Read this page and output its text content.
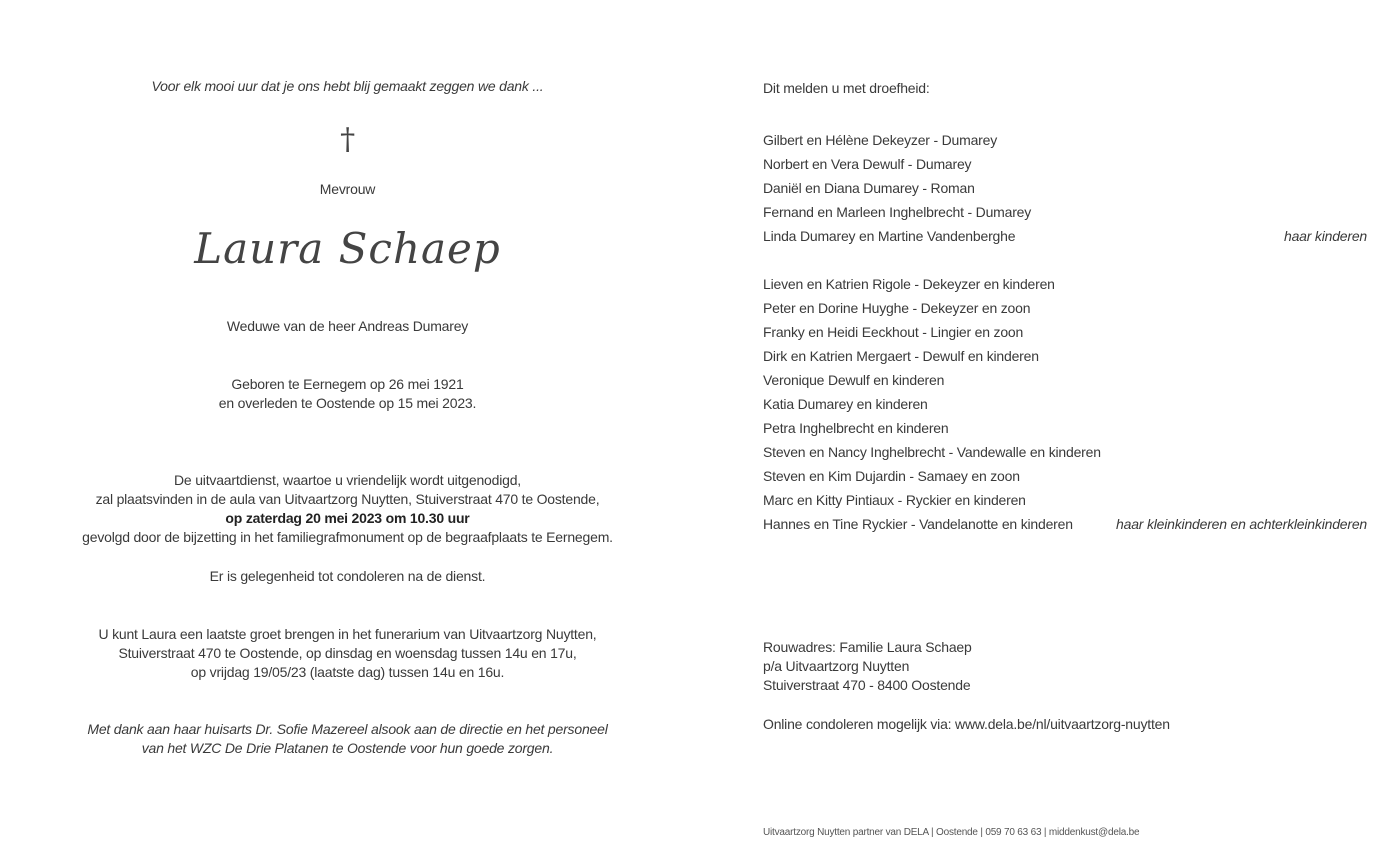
Voor elk mooi uur dat je ons hebt blij gemaakt zeggen we dank ...
†
Mevrouw
Laura Schaep
Weduwe van de heer Andreas Dumarey
Geboren te Eernegem op 26 mei 1921
en overleden te Oostende op 15 mei 2023.
De uitvaartdienst, waartoe u vriendelijk wordt uitgenodigd,
zal plaatsvinden in de aula van Uitvaartzorg Nuytten, Stuiverstraat 470 te Oostende,
op zaterdag 20 mei 2023 om 10.30 uur
gevolgd door de bijzetting in het familiegrafmonument op de begraafplaats te Eernegem.
Er is gelegenheid tot condoleren na de dienst.
U kunt Laura een laatste groet brengen in het funerarium van Uitvaartzorg Nuytten,
Stuiverstraat 470 te Oostende, op dinsdag en woensdag tussen 14u en 17u,
op vrijdag 19/05/23 (laatste dag) tussen 14u en 16u.
Met dank aan haar huisarts Dr. Sofie Mazereel alsook aan de directie en het personeel
van het WZC De Drie Platanen te Oostende voor hun goede zorgen.
Dit melden u met droefheid:
Gilbert en Hélène Dekeyzer - Dumarey
Norbert en Vera Dewulf - Dumarey
Daniël en Diana Dumarey - Roman
Fernand en Marleen Inghelbrecht - Dumarey
Linda Dumarey en Martine Vandenberghe	haar kinderen
Lieven en Katrien Rigole - Dekeyzer en kinderen
Peter en Dorine Huyghe - Dekeyzer en zoon
Franky en Heidi Eeckhout - Lingier en zoon
Dirk en Katrien Mergaert - Dewulf en kinderen
Veronique Dewulf en kinderen
Katia Dumarey en kinderen
Petra Inghelbrecht en kinderen
Steven en Nancy Inghelbrecht - Vandewalle en kinderen
Steven en Kim Dujardin - Samaey en zoon
Marc en Kitty Pintiaux - Ryckier en kinderen
Hannes en Tine Ryckier - Vandelanotte en kinderen	haar kleinkinderen en achterkleinkinderen
Rouwadres: Familie Laura Schaep
p/a Uitvaartzorg Nuytten
Stuiverstraat 470 - 8400 Oostende
Online condoleren mogelijk via: www.dela.be/nl/uitvaartzorg-nuytten
Uitvaartzorg Nuytten partner van DELA | Oostende | 059 70 63 63 | middenkust@dela.be
